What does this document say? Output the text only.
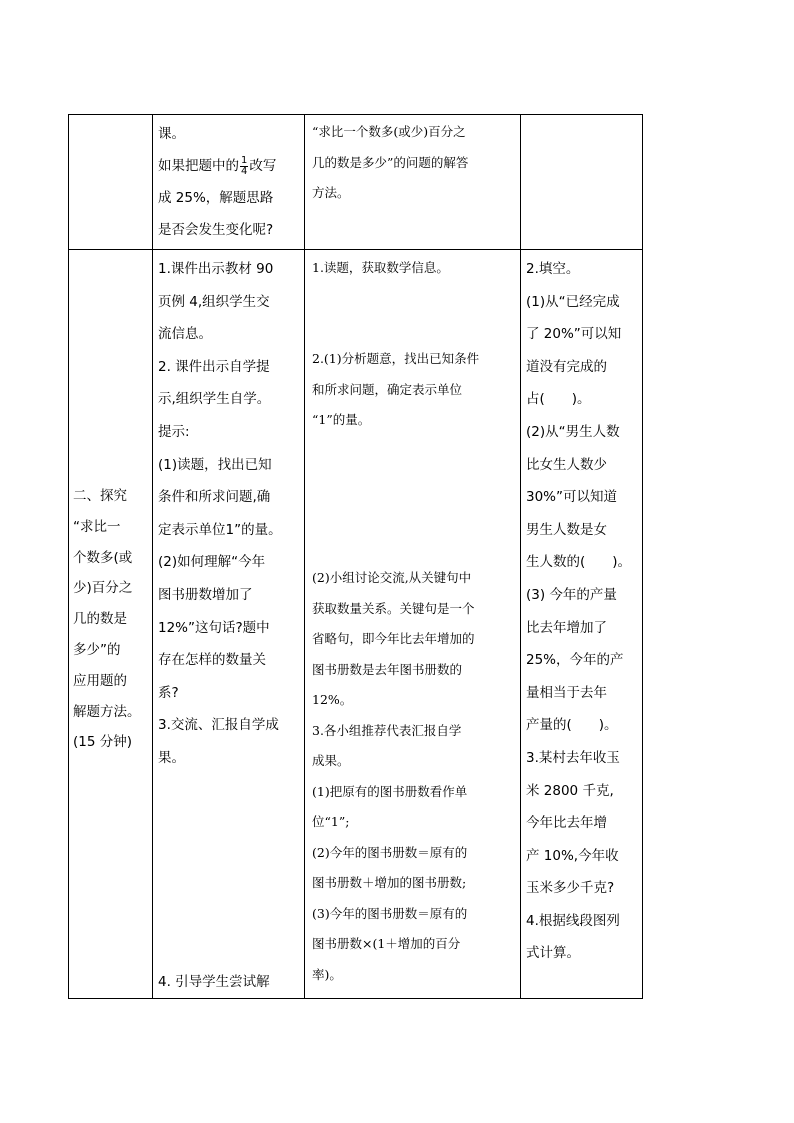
课。

如果把题中的 $\frac{1}{4}$ 改写

成 25%，解题思路

是否会发生变化呢?

“求比一个数多(或少)百分之

几的数是多少”的问题的解答

方法。

二、探究

“求比一

个数多(或

少)百分之

几的数是

多少”的

应用题的

解题方法。

(15 分钟)

1.课件出示教材 90

页例 4,组织学生交

流信息。

2. 课件出示自学提

示,组织学生自学。

提示:

(1)读题，找出已知

条件和所求问题,确

定表示单位1”的量。

(2)如何理解“今年

图书册数增加了

12%”这句话?题中

存在怎样的数量关

系?

3.交流、汇报自学成

果。

4. 引导学生尝试解

1.读题，获取数学信息。

2.(1)分析题意，找出已知条件

和所求问题，确定表示单位

“1”的量。

(2)小组讨论交流,从关键句中

获取数量关系。关键句是一个

省略句，即今年比去年增加的

图书册数是去年图书册数的

12%。

3.各小组推荐代表汇报自学

成果。

(1)把原有的图书册数看作单

位“1”;

(2)今年的图书册数＝原有的

图书册数＋增加的图书册数;

(3)今年的图书册数＝原有的

图书册数×(1＋增加的百分

率)。

2.填空。

(1)从“已经完成

了 20%”可以知

道没有完成的

占(　　)。

(2)从“男生人数

比女生人数少

30%”可以知道

男生人数是女

生人数的(　　)。

(3) 今年的产量

比去年增加了

25%，今年的产

量相当于去年

产量的(　　)。

3.某村去年收玉

米 2800 千克,

今年比去年增

产 10%,今年收

玉米多少千克?

4.根据线段图列

式计算。
